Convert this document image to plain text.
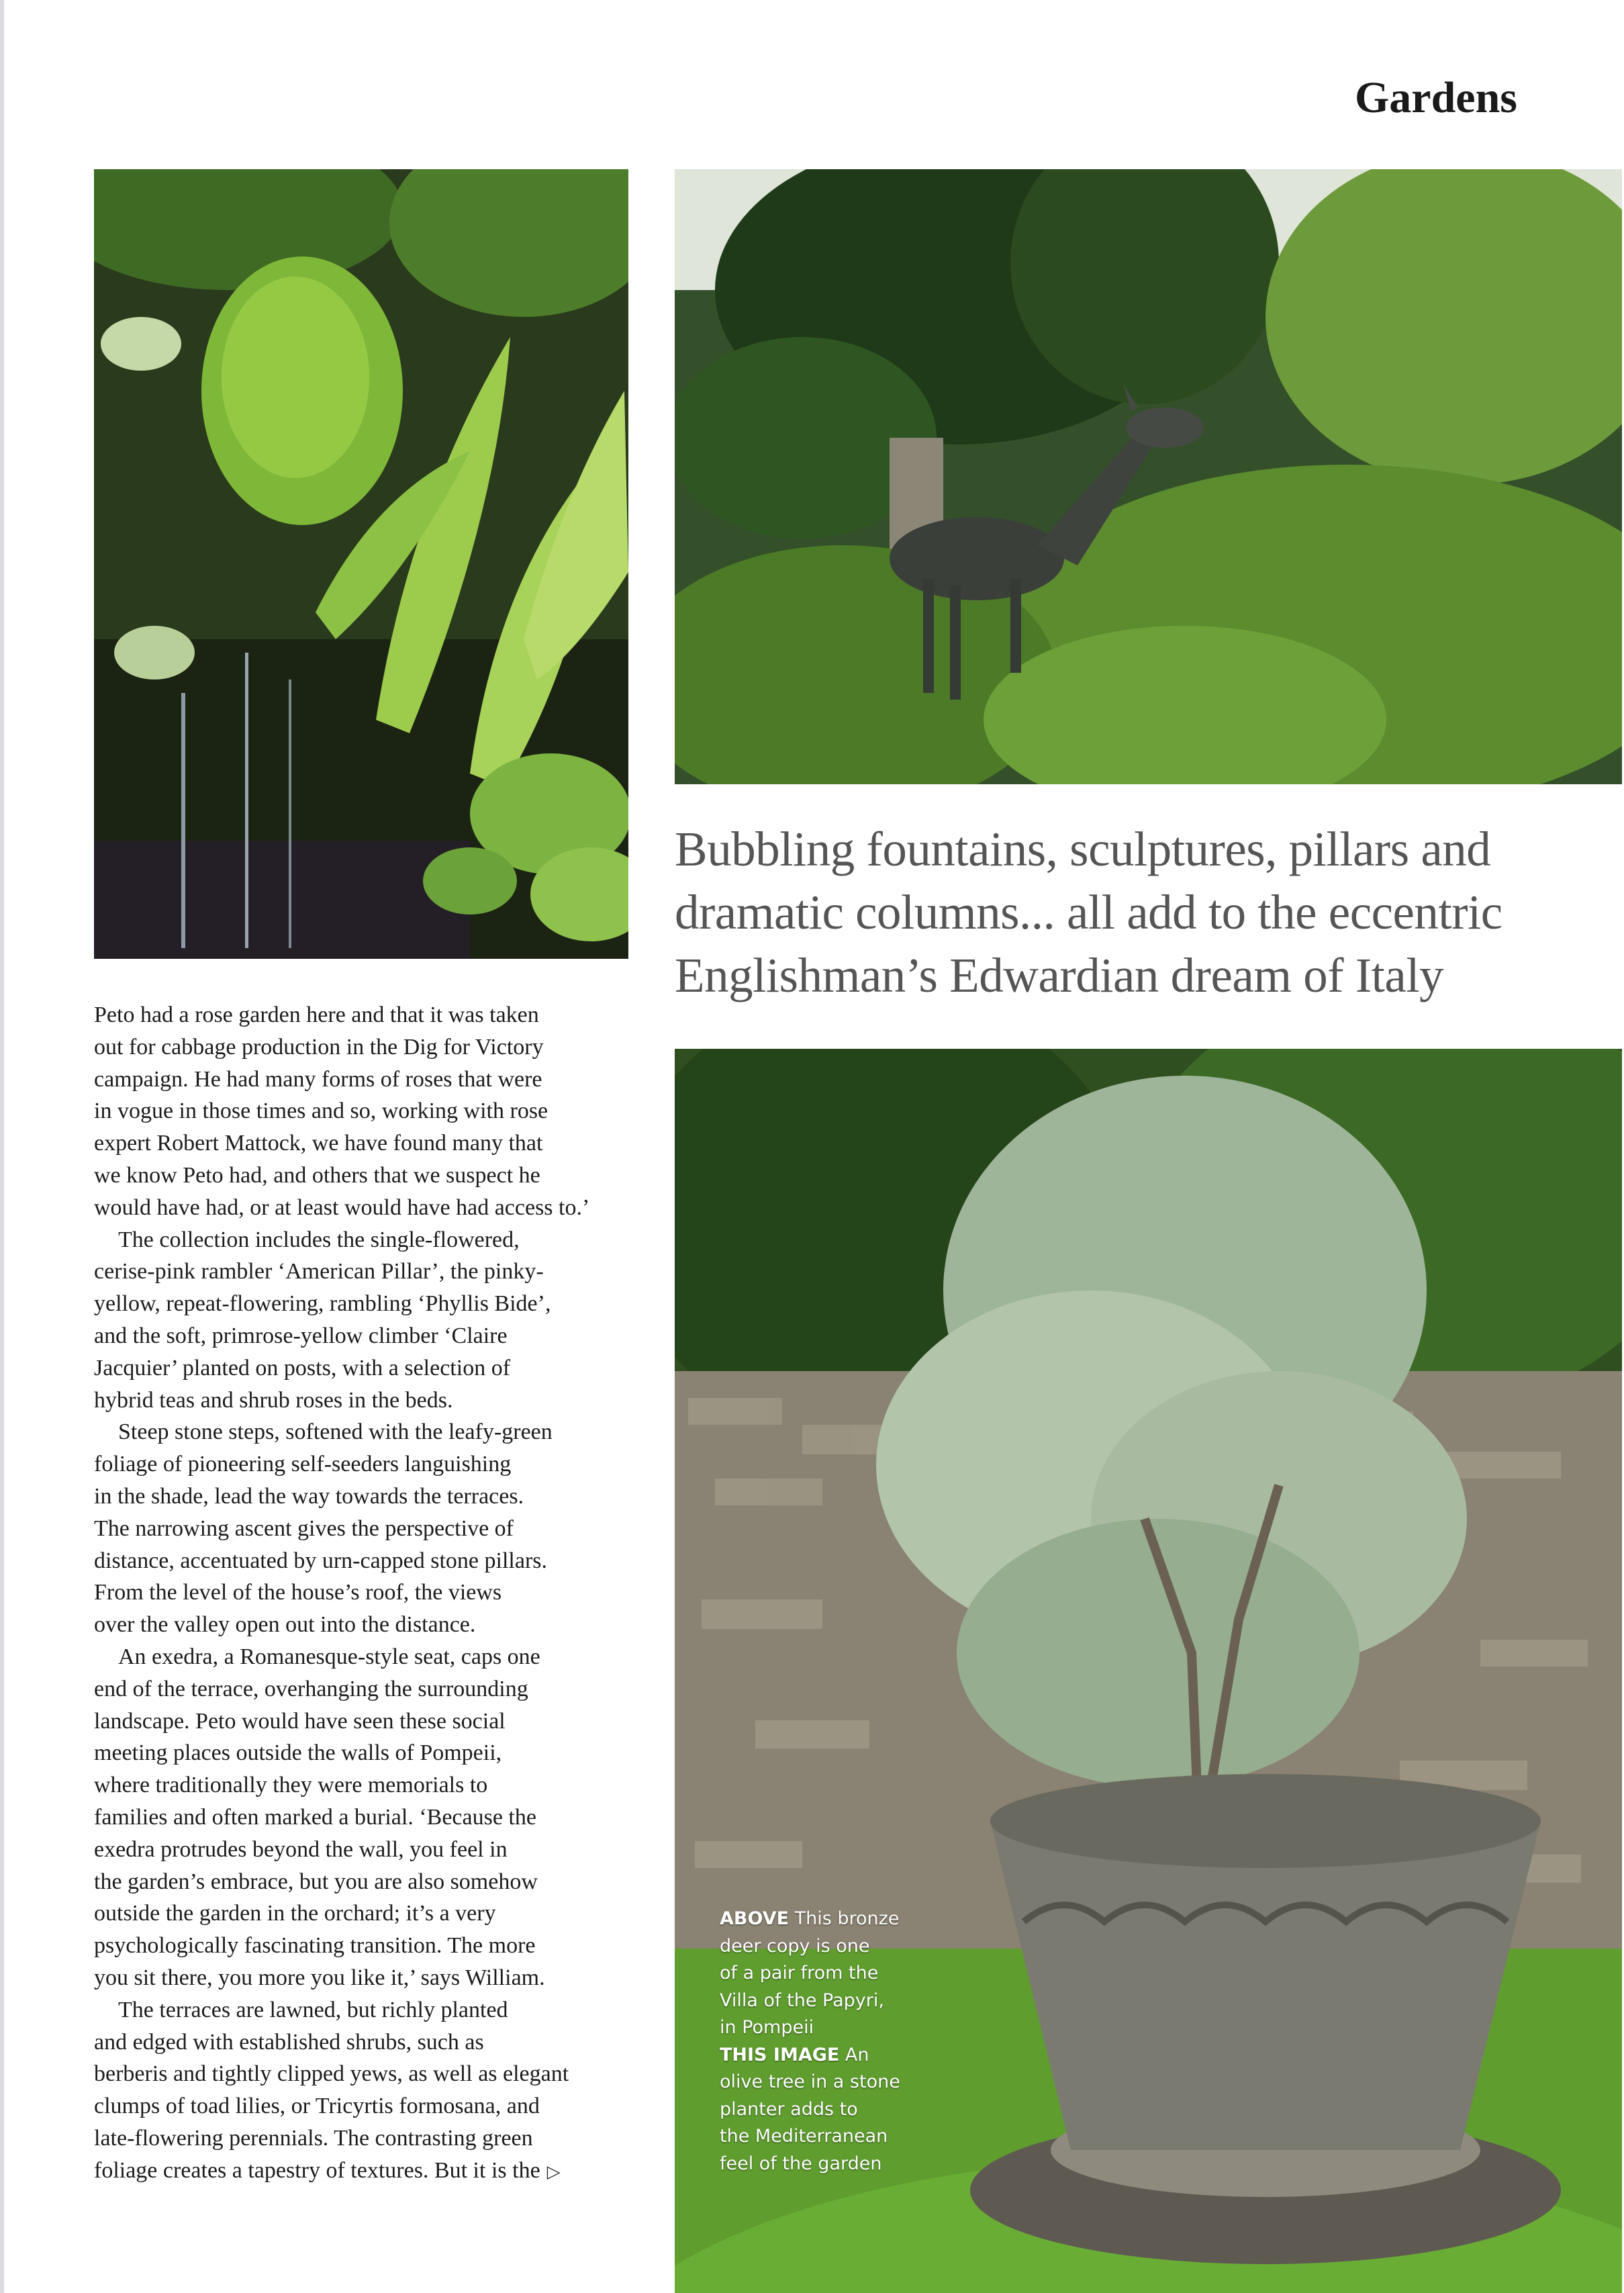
Gardens
Bubbling fountains, sculptures, pillars and
dramatic columns... all add to the eccentric
Englishman’s Edwardian dream of Italy
ABOVE This bronze
deer copy is one
of a pair from the
Villa of the Papyri,
in Pompeii
THIS IMAGE An
olive tree in a stone
planter adds to
the Mediterranean
feel of the garden
Peto had a rose garden here and that it was taken
out for cabbage production in the Dig for Victory
campaign. He had many forms of roses that were
in vogue in those times and so, working with rose
expert Robert Mattock, we have found many that
we know Peto had, and others that we suspect he
would have had, or at least would have had access to.’
The collection includes the single-flowered,
cerise-pink rambler ‘American Pillar’, the pinky-
yellow, repeat-flowering, rambling ‘Phyllis Bide’,
and the soft, primrose-yellow climber ‘Claire
Jacquier’ planted on posts, with a selection of
hybrid teas and shrub roses in the beds.
Steep stone steps, softened with the leafy-green
foliage of pioneering self-seeders languishing
in the shade, lead the way towards the terraces.
The narrowing ascent gives the perspective of
distance, accentuated by urn-capped stone pillars.
From the level of the house’s roof, the views
over the valley open out into the distance.
An exedra, a Romanesque-style seat, caps one
end of the terrace, overhanging the surrounding
landscape. Peto would have seen these social
meeting places outside the walls of Pompeii,
where traditionally they were memorials to
families and often marked a burial. ‘Because the
exedra protrudes beyond the wall, you feel in
the garden’s embrace, but you are also somehow
outside the garden in the orchard; it’s a very
psychologically fascinating transition. The more
you sit there, you more you like it,’ says William.
The terraces are lawned, but richly planted
and edged with established shrubs, such as
berberis and tightly clipped yews, as well as elegant
clumps of toad lilies, or Tricyrtis formosana, and
late-flowering perennials. The contrasting green
foliage creates a tapestry of textures. But it is the ▷
